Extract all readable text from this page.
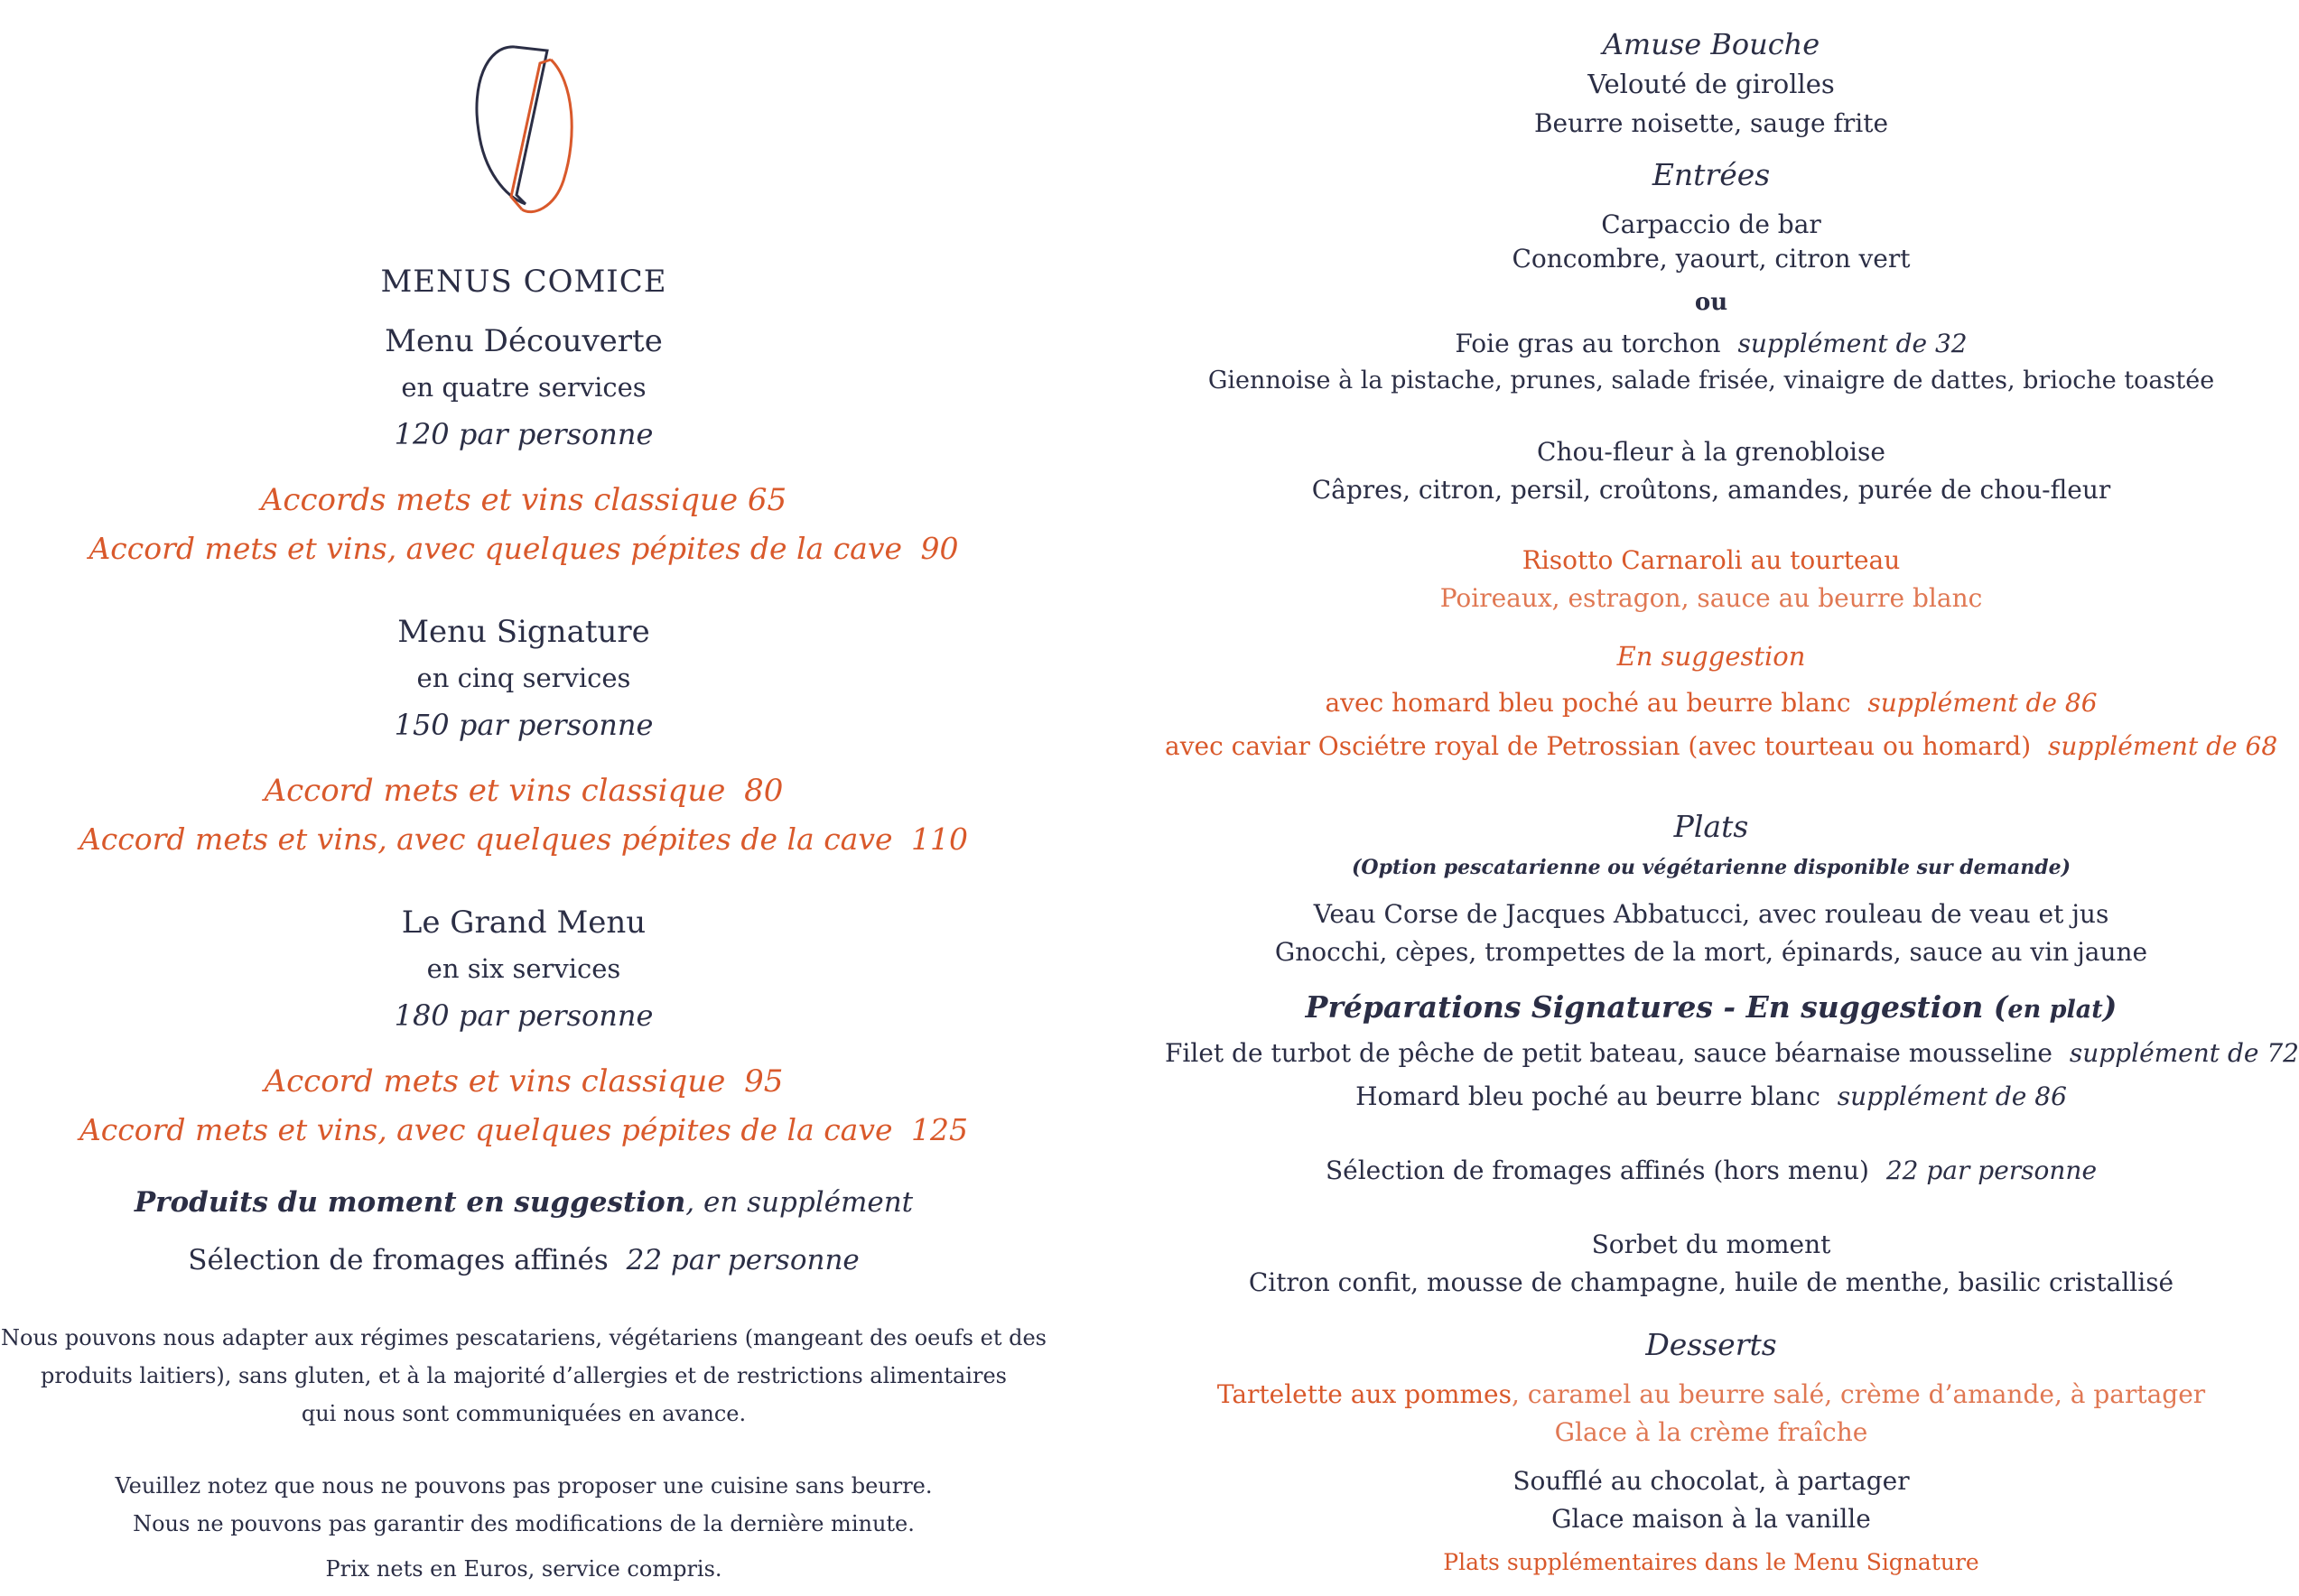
MENUS COMICE
Menu Découverte
en quatre services
120 par personne
Accords mets et vins classique 65
Accord mets et vins, avec quelques pépites de la cave 90
Menu Signature
en cinq services
150 par personne
Accord mets et vins classique 80
Accord mets et vins, avec quelques pépites de la cave 110
Le Grand Menu
en six services
180 par personne
Accord mets et vins classique 95
Accord mets et vins, avec quelques pépites de la cave 125
Produits du moment en suggestion, en supplément
Sélection de fromages affinés 22 par personne
Nous pouvons nous adapter aux régimes pescatariens, végétariens (mangeant des oeufs et des
produits laitiers), sans gluten, et à la majorité d’allergies et de restrictions alimentaires
qui nous sont communiquées en avance.
Veuillez notez que nous ne pouvons pas proposer une cuisine sans beurre.
Nous ne pouvons pas garantir des modifications de la dernière minute.
Prix nets en Euros, service compris.
Amuse Bouche
Velouté de girolles
Beurre noisette, sauge frite
Entrées
Carpaccio de bar
Concombre, yaourt, citron vert
ou
Foie gras au torchon supplément de 32
Giennoise à la pistache, prunes, salade frisée, vinaigre de dattes, brioche toastée
Chou-fleur à la grenobloise
Câpres, citron, persil, croûtons, amandes, purée de chou-fleur
Risotto Carnaroli au tourteau
Poireaux, estragon, sauce au beurre blanc
En suggestion
avec homard bleu poché au beurre blanc supplément de 86
avec caviar Osciétre royal de Petrossian (avec tourteau ou homard) supplément de 68
Plats
(Option pescatarienne ou végétarienne disponible sur demande)
Veau Corse de Jacques Abbatucci, avec rouleau de veau et jus
Gnocchi, cèpes, trompettes de la mort, épinards, sauce au vin jaune
Préparations Signatures - En suggestion (en plat)
Filet de turbot de pêche de petit bateau, sauce béarnaise mousseline supplément de 72
Homard bleu poché au beurre blanc supplément de 86
Sélection de fromages affinés (hors menu) 22 par personne
Sorbet du moment
Citron confit, mousse de champagne, huile de menthe, basilic cristallisé
Desserts
Tartelette aux pommes, caramel au beurre salé, crème d’amande, à partager
Glace à la crème fraîche
Soufflé au chocolat, à partager
Glace maison à la vanille
Plats supplémentaires dans le Menu Signature
